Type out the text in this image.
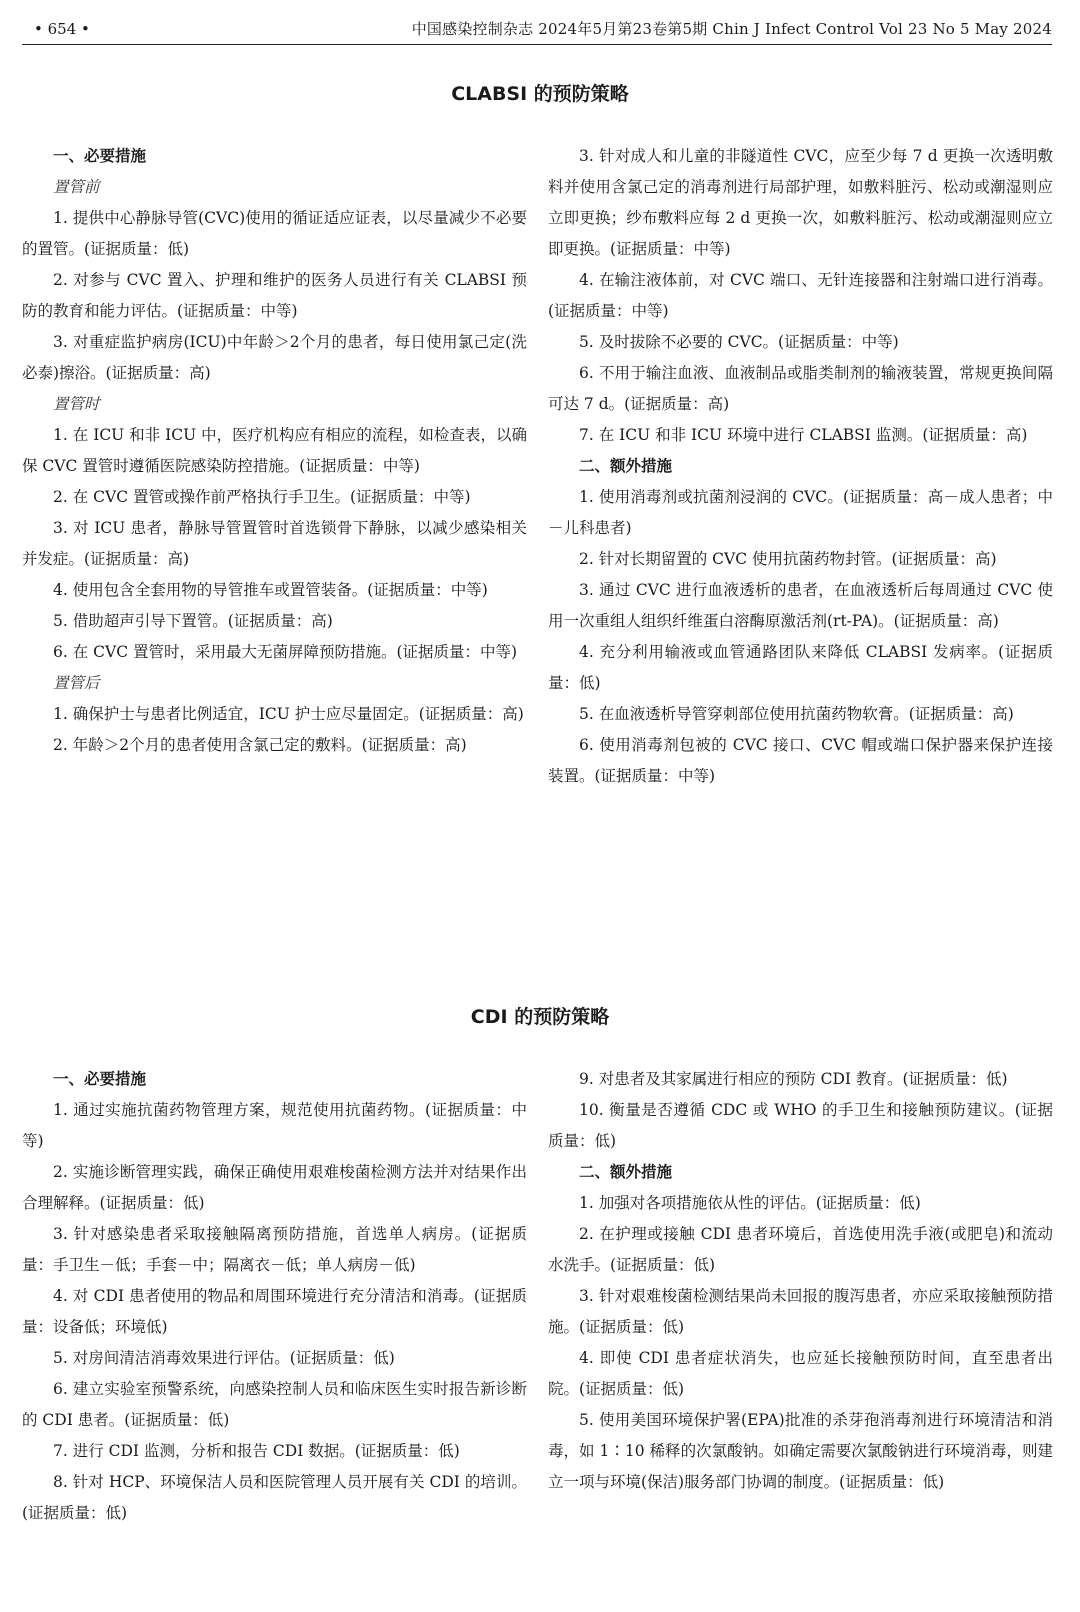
• 654 •	中国感染控制杂志 2024年5月第23卷第5期 Chin J Infect Control Vol 23 No 5 May 2024
CLABSI 的预防策略

一、必要措施

置管前

1. 提供中心静脉导管(CVC)使用的循证适应证表，以尽量减少不必要的置管。(证据质量：低)

2. 对参与 CVC 置入、护理和维护的医务人员进行有关 CLABSI 预防的教育和能力评估。(证据质量：中等)

3. 对重症监护病房(ICU)中年龄＞2个月的患者，每日使用氯己定(洗必泰)擦浴。(证据质量：高)

置管时

1. 在 ICU 和非 ICU 中，医疗机构应有相应的流程，如检查表，以确保 CVC 置管时遵循医院感染防控措施。(证据质量：中等)

2. 在 CVC 置管或操作前严格执行手卫生。(证据质量：中等)

3. 对 ICU 患者，静脉导管置管时首选锁骨下静脉，以减少感染相关并发症。(证据质量：高)

4. 使用包含全套用物的导管推车或置管装备。(证据质量：中等)

5. 借助超声引导下置管。(证据质量：高)

6. 在 CVC 置管时，采用最大无菌屏障预防措施。(证据质量：中等)

置管后

1. 确保护士与患者比例适宜，ICU 护士应尽量固定。(证据质量：高)

2. 年龄＞2个月的患者使用含氯己定的敷料。(证据质量：高)

3. 针对成人和儿童的非隧道性 CVC，应至少每 7 d 更换一次透明敷料并使用含氯己定的消毒剂进行局部护理，如敷料脏污、松动或潮湿则应立即更换；纱布敷料应每 2 d 更换一次，如敷料脏污、松动或潮湿则应立即更换。(证据质量：中等)

4. 在输注液体前，对 CVC 端口、无针连接器和注射端口进行消毒。(证据质量：中等)

5. 及时拔除不必要的 CVC。(证据质量：中等)

6. 不用于输注血液、血液制品或脂类制剂的输液装置，常规更换间隔可达 7 d。(证据质量：高)

7. 在 ICU 和非 ICU 环境中进行 CLABSI 监测。(证据质量：高)

二、额外措施

1. 使用消毒剂或抗菌剂浸润的 CVC。(证据质量：高－成人患者；中－儿科患者)

2. 针对长期留置的 CVC 使用抗菌药物封管。(证据质量：高)

3. 通过 CVC 进行血液透析的患者，在血液透析后每周通过 CVC 使用一次重组人组织纤维蛋白溶酶原激活剂(rt-PA)。(证据质量：高)

4. 充分利用输液或血管通路团队来降低 CLABSI 发病率。(证据质量：低)

5. 在血液透析导管穿刺部位使用抗菌药物软膏。(证据质量：高)

6. 使用消毒剂包被的 CVC 接口、CVC 帽或端口保护器来保护连接装置。(证据质量：中等)

CDI 的预防策略

一、必要措施

1. 通过实施抗菌药物管理方案，规范使用抗菌药物。(证据质量：中等)

2. 实施诊断管理实践，确保正确使用艰难梭菌检测方法并对结果作出合理解释。(证据质量：低)

3. 针对感染患者采取接触隔离预防措施，首选单人病房。(证据质量：手卫生－低；手套－中；隔离衣－低；单人病房－低)

4. 对 CDI 患者使用的物品和周围环境进行充分清洁和消毒。(证据质量：设备低；环境低)

5. 对房间清洁消毒效果进行评估。(证据质量：低)

6. 建立实验室预警系统，向感染控制人员和临床医生实时报告新诊断的 CDI 患者。(证据质量：低)

7. 进行 CDI 监测，分析和报告 CDI 数据。(证据质量：低)

8. 针对 HCP、环境保洁人员和医院管理人员开展有关 CDI 的培训。(证据质量：低)

9. 对患者及其家属进行相应的预防 CDI 教育。(证据质量：低)

10. 衡量是否遵循 CDC 或 WHO 的手卫生和接触预防建议。(证据质量：低)

二、额外措施

1. 加强对各项措施依从性的评估。(证据质量：低)

2. 在护理或接触 CDI 患者环境后，首选使用洗手液(或肥皂)和流动水洗手。(证据质量：低)

3. 针对艰难梭菌检测结果尚未回报的腹泻患者，亦应采取接触预防措施。(证据质量：低)

4. 即使 CDI 患者症状消失，也应延长接触预防时间，直至患者出院。(证据质量：低)

5. 使用美国环境保护署(EPA)批准的杀芽孢消毒剂进行环境清洁和消毒，如 1∶10 稀释的次氯酸钠。如确定需要次氯酸钠进行环境消毒，则建立一项与环境(保洁)服务部门协调的制度。(证据质量：低)
